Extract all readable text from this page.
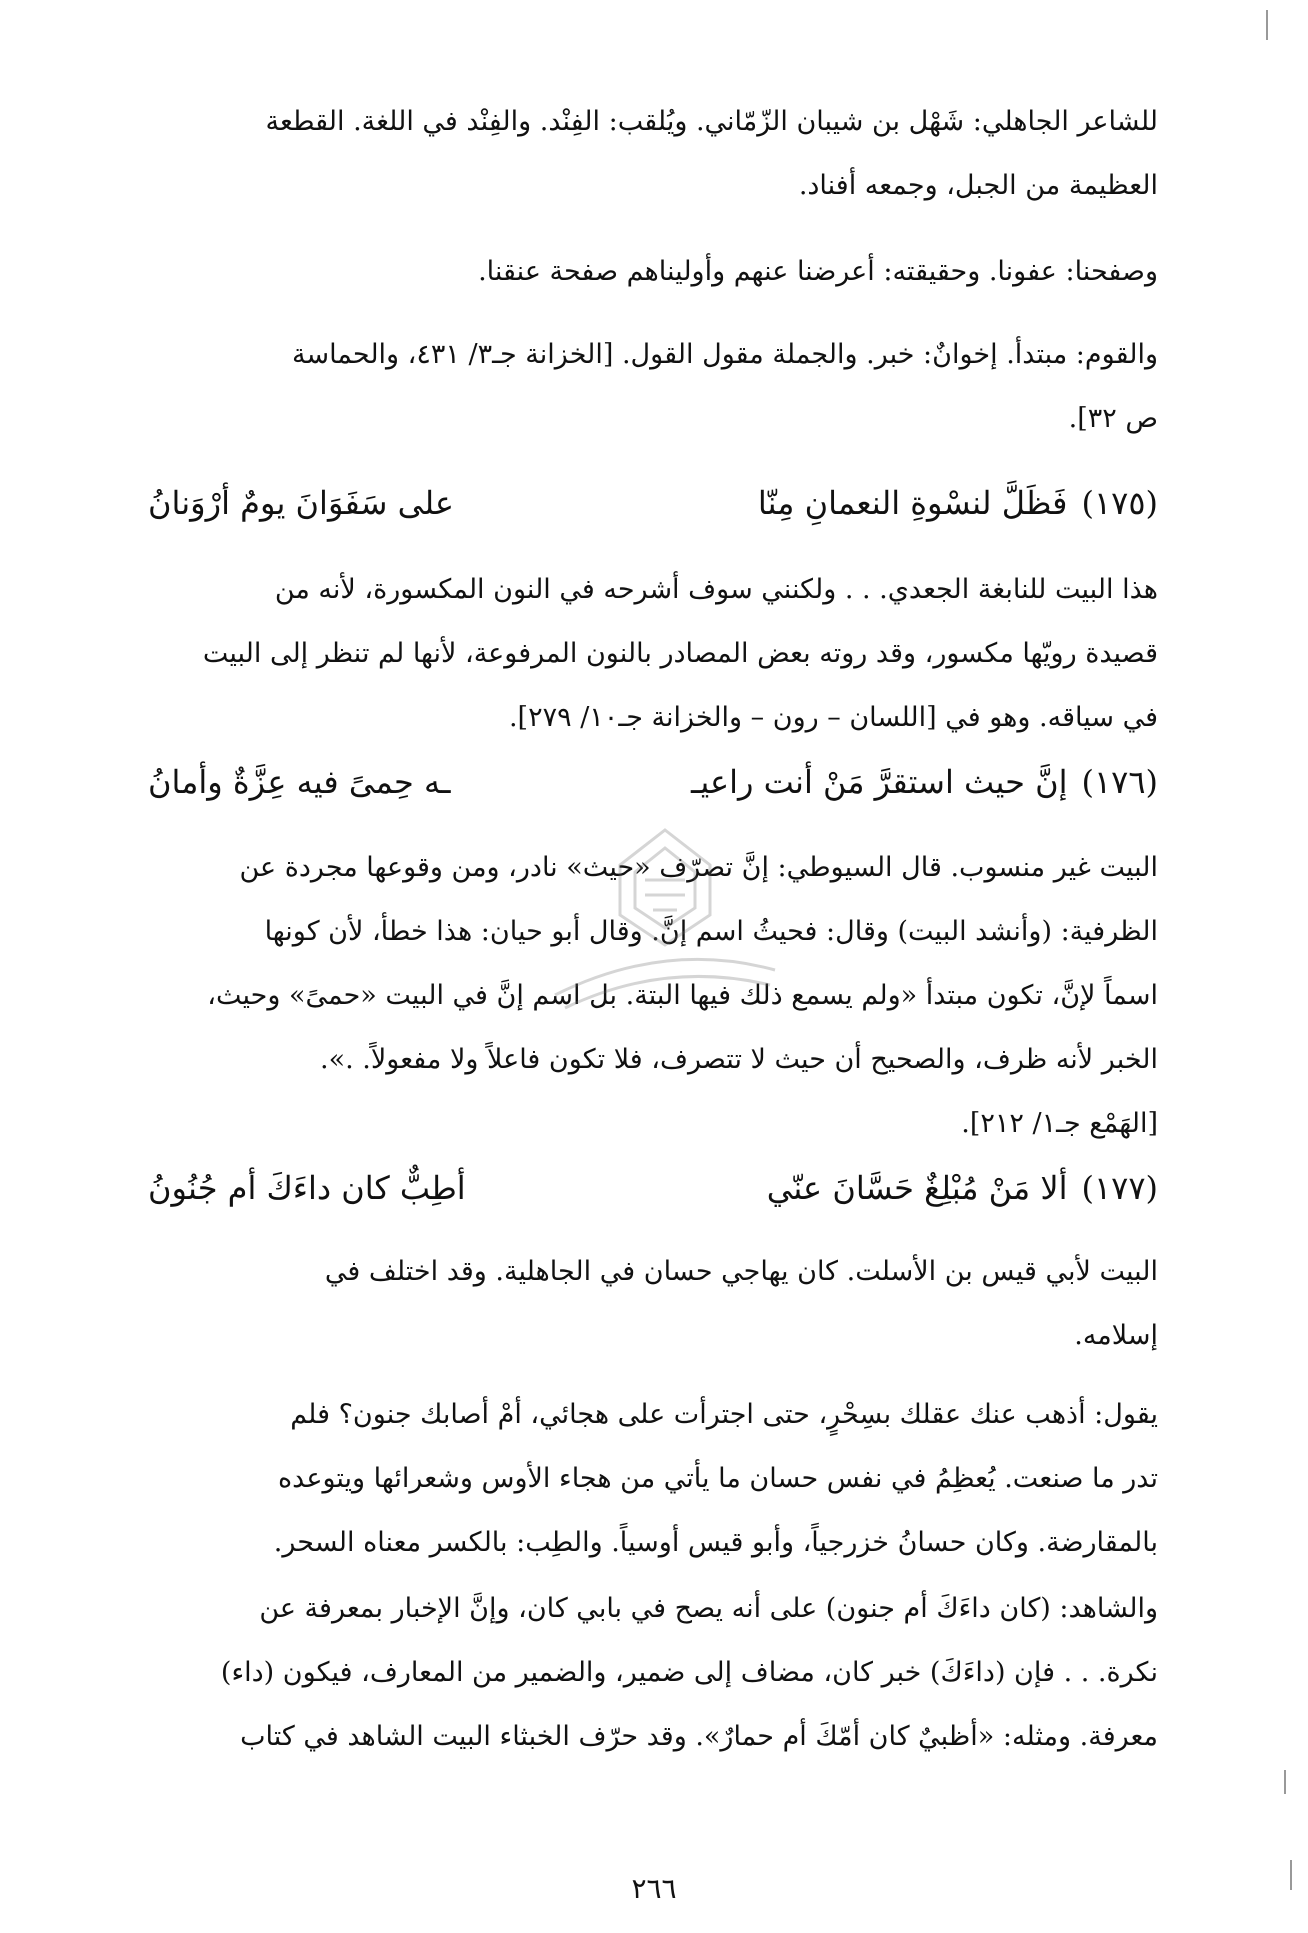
للشاعر الجاهلي: شَهْل بن شيبان الزّمّاني. ويُلقب: الفِنْد. والفِنْد في اللغة. القطعة
العظيمة من الجبل، وجمعه أفناد.
وصفحنا: عفونا. وحقيقته: أعرضنا عنهم وأوليناهم صفحة عنقنا.
والقوم: مبتدأ. إخوانٌ: خبر. والجملة مقول القول. [الخزانة جـ٣/ ٤٣١، والحماسة
ص ٣٢].
(١٧٥)
فَظَلَّ لنسْوةِ النعمانِ مِنّا
على سَفَوَانَ يومٌ أرْوَنانُ
هذا البيت للنابغة الجعدي. . . ولكنني سوف أشرحه في النون المكسورة، لأنه من
قصيدة رويّها مكسور، وقد روته بعض المصادر بالنون المرفوعة، لأنها لم تنظر إلى البيت
في سياقه. وهو في [اللسان – رون – والخزانة جـ١٠/ ٢٧٩].
(١٧٦)
إنَّ حيث استقرَّ مَنْ أنت راعيـ
ـه حِمىً فيه عِزَّةٌ وأمانُ
البيت غير منسوب. قال السيوطي: إنَّ تصرّف «حيث» نادر، ومن وقوعها مجردة عن
الظرفية: (وأنشد البيت) وقال: فحيثُ اسم إنَّ. وقال أبو حيان: هذا خطأ، لأن كونها
اسماً لإنَّ، تكون مبتدأ «ولم يسمع ذلك فيها البتة. بل اسم إنَّ في البيت «حمىً» وحيث،
الخبر لأنه ظرف، والصحيح أن حيث لا تتصرف، فلا تكون فاعلاً ولا مفعولاً. .».
[الهَمْع جـ١/ ٢١٢].
(١٧٧)
ألا مَنْ مُبْلِغٌ حَسَّانَ عنّي
أطِبٌّ كان داءَكَ أم جُنُونُ
البيت لأبي قيس بن الأسلت. كان يهاجي حسان في الجاهلية. وقد اختلف في
إسلامه.
يقول: أذهب عنك عقلك بسِحْرٍ، حتى اجترأت على هجائي، أمْ أصابك جنون؟ فلم
تدر ما صنعت. يُعظِمُ في نفس حسان ما يأتي من هجاء الأوس وشعرائها ويتوعده
بالمقارضة. وكان حسانُ خزرجياً، وأبو قيس أوسياً. والطِب: بالكسر معناه السحر.
والشاهد: (كان داءَكَ أم جنون) على أنه يصح في بابي كان، وإنَّ الإخبار بمعرفة عن
نكرة. . . فإن (داءَكَ) خبر كان، مضاف إلى ضمير، والضمير من المعارف، فيكون (داء)
معرفة. ومثله: «أظبيٌ كان أمّكَ أم حمارٌ». وقد حرّف الخبثاء البيت الشاهد في كتاب
٢٦٦
